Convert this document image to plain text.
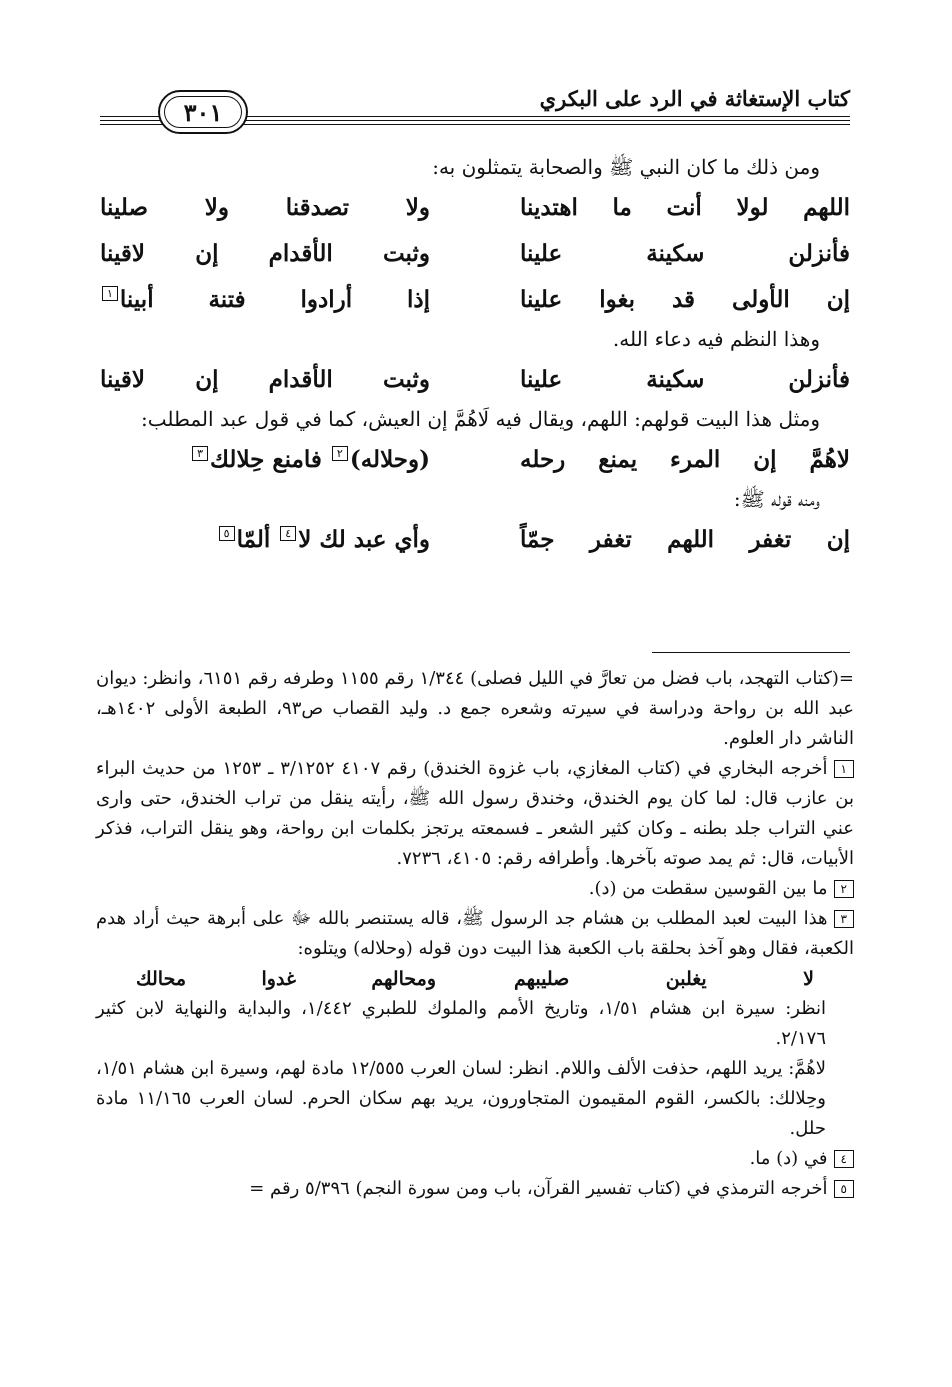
كتاب الإستغاثة في الرد على البكري
٣٠١

ومن ذلك ما كان النبي ﷺ والصحابة يتمثلون به:

اللهم لولا أنت ما اهتدينا
ولا تصدقنا ولا صلينا
فأنزلن سكينة علينا
وثبت الأقدام إن لاقينا
إن الأولى قد بغوا علينا
إذا أرادوا فتنة أبينا١

وهذا النظم فيه دعاء الله.

فأنزلن سكينة علينا
وثبت الأقدام إن لاقينا

ومثل هذا البيت قولهم: اللهم، ويقال فيه لَاهُمَّ إن العيش، كما في قول عبد المطلب:

لاهُمَّ إن المرء يمنع رحله
(وحلاله)٢ فامنع حِلالك٣

ومنه قوله ﷺ:

إن تغفر اللهم تغفر جمّاً
وأي عبد لك لا٤ ألمّا٥

=(كتاب التهجد، باب فضل من تعارَّ في الليل فصلى) ١/٣٤٤ رقم ١١٥٥ وطرفه رقم ٦١٥١، وانظر: ديوان عبد الله بن رواحة ودراسة في سيرته وشعره جمع د. وليد القصاب ص٩٣، الطبعة الأولى ١٤٠٢هـ، الناشر دار العلوم.

١أخرجه البخاري في (كتاب المغازي، باب غزوة الخندق) رقم ٤١٠٧ ٣/١٢٥٢ ـ ١٢٥٣ من حديث البراء بن عازب قال: لما كان يوم الخندق، وخندق رسول الله ﷺ، رأيته ينقل من تراب الخندق، حتى وارى عني التراب جلد بطنه ـ وكان كثير الشعر ـ فسمعته يرتجز بكلمات ابن رواحة، وهو ينقل التراب، فذكر الأبيات، قال: ثم يمد صوته بآخرها. وأطرافه رقم: ٤١٠٥، ٧٢٣٦.

٢ما بين القوسين سقطت من (د).

٣هذا البيت لعبد المطلب بن هشام جد الرسول ﷺ، قاله يستنصر بالله ﷻ على أبرهة حيث أراد هدم الكعبة، فقال وهو آخذ بحلقة باب الكعبة هذا البيت دون قوله (وحلاله) ويتلوه:

لا يغلبن صليبهم
ومحالهم غدوا محالك

انظر: سيرة ابن هشام ١/٥١، وتاريخ الأمم والملوك للطبري ١/٤٤٢، والبداية والنهاية لابن كثير ٢/١٧٦.

لاهُمَّ: يريد اللهم، حذفت الألف واللام. انظر: لسان العرب ١٢/٥٥٥ مادة لهم، وسيرة ابن هشام ١/٥١، وحِلالك: بالكسر، القوم المقيمون المتجاورون، يريد بهم سكان الحرم. لسان العرب ١١/١٦٥ مادة حلل.

٤في (د) ما.

٥أخرجه الترمذي في (كتاب تفسير القرآن، باب ومن سورة النجم) ٥/٣٩٦ رقم =
